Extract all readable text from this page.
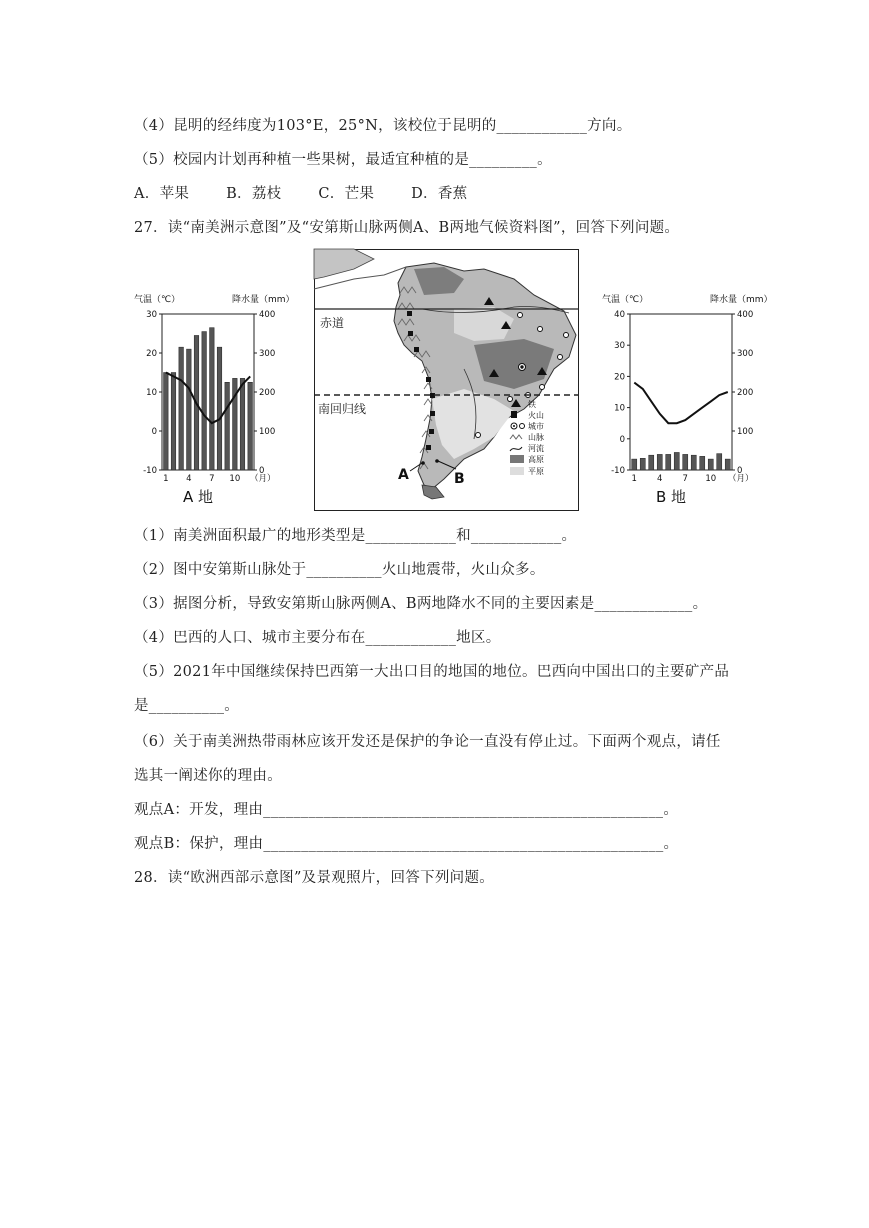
（4）昆明的经纬度为103°E，25°N，该校位于昆明的____________方向。
（5）校园内计划再种植一些果树，最适宜种植的是_________。
A．苹果	B．荔枝	C．芒果	D．香蕉
27．读“南美洲示意图”及“安第斯山脉两侧A、B两地气候资料图”，回答下列问题。
气温（℃）	降水量（mm）
30
20
10
0
-10
400
300
200
100
0
1 4 7 10 （月）
A 地
赤道
南回归线
A	B
铁
火山
城市
山脉
河流
高原
平原
气温（℃）	降水量（mm）
40
30
20
10
0
-10
400
300
200
100
0
1 4 7 10 （月）
B 地
（1）南美洲面积最广的地形类型是____________和____________。
（2）图中安第斯山脉处于__________火山地震带，火山众多。
（3）据图分析，导致安第斯山脉两侧A、B两地降水不同的主要因素是_____________。
（4）巴西的人口、城市主要分布在____________地区。
（5）2021年中国继续保持巴西第一大出口目的地国的地位。巴西向中国出口的主要矿产品
是__________。
（6）关于南美洲热带雨林应该开发还是保护的争论一直没有停止过。下面两个观点，请任
选其一阐述你的理由。
观点A：开发，理由_____________________________________________________。
观点B：保护，理由_____________________________________________________。
28．读“欧洲西部示意图”及景观照片，回答下列问题。
